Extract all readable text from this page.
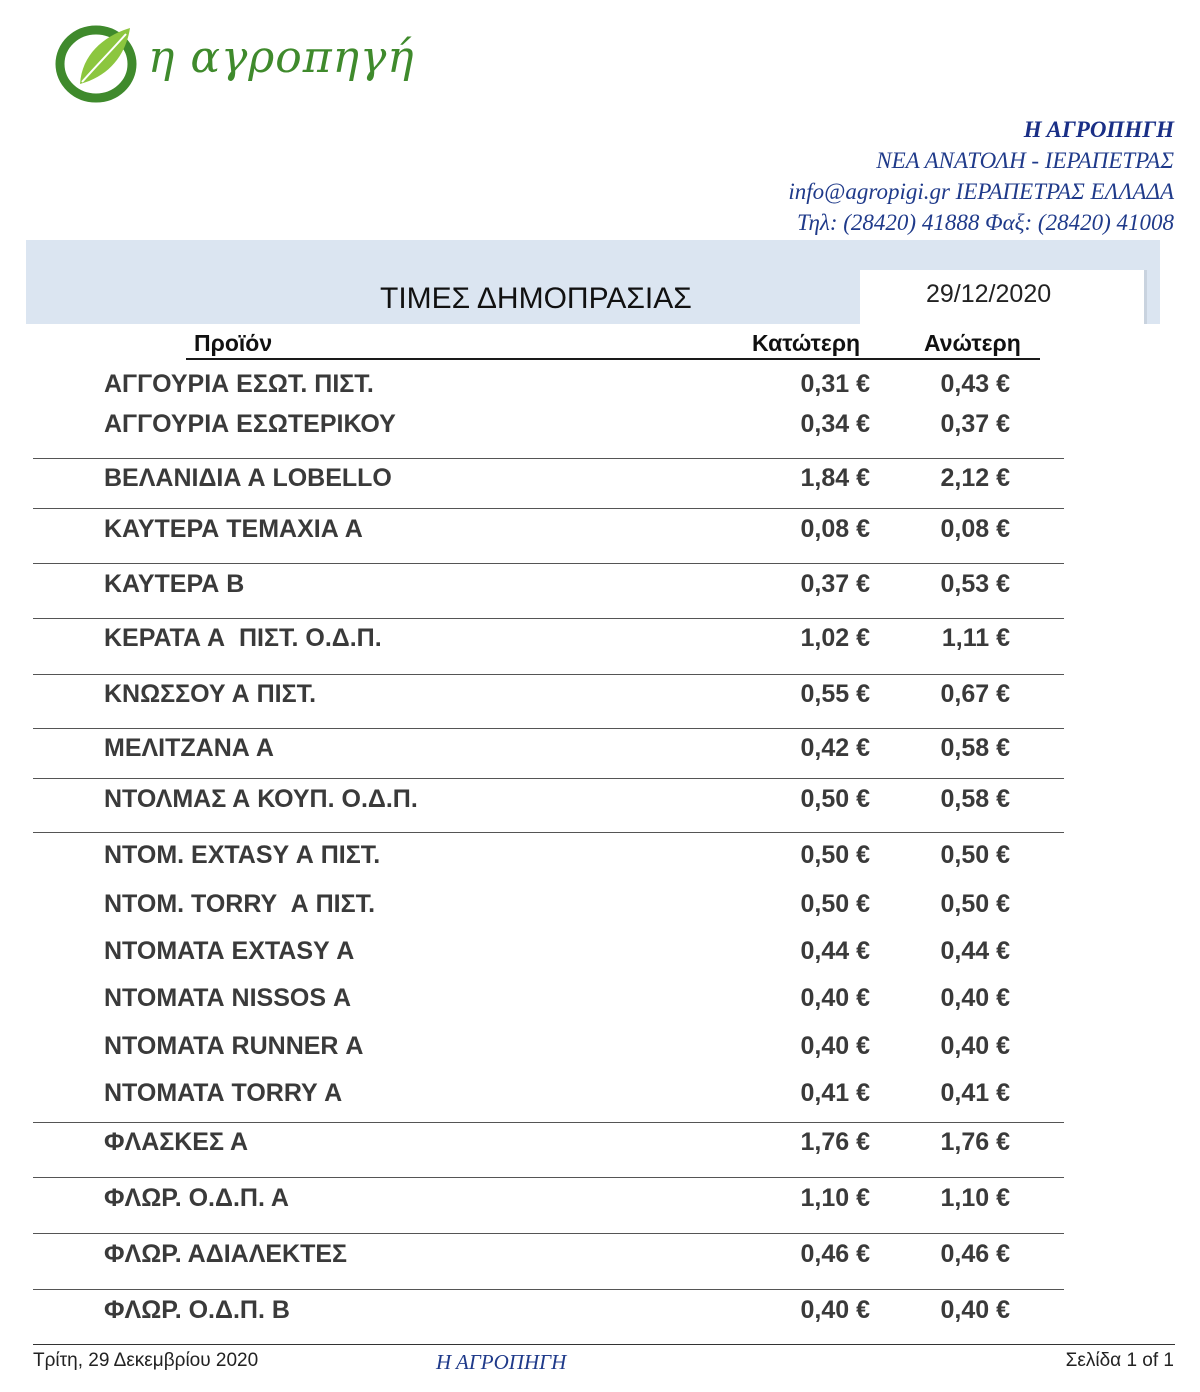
η αγροπηγή
Η ΑΓΡΟΠΗΓΗ
ΝΕΑ ΑΝΑΤΟΛΗ - ΙΕΡΑΠΕΤΡΑΣ
info@agropigi.gr ΙΕΡΑΠΕΤΡΑΣ ΕΛΛΑΔΑ
Τηλ: (28420) 41888 Φαξ: (28420) 41008
ΤΙΜΕΣ ΔΗΜΟΠΡΑΣΙΑΣ	29/12/2020
Προϊόν	Κατώτερη	Ανώτερη
ΑΓΓΟΥΡΙΑ ΕΣΩΤ. ΠΙΣΤ.	0,31 €	0,43 €
ΑΓΓΟΥΡΙΑ ΕΣΩΤΕΡΙΚΟΥ	0,34 €	0,37 €
ΒΕΛΑΝΙΔΙΑ Α LOBELLO	1,84 €	2,12 €
ΚΑΥΤΕΡΑ ΤΕΜΑΧΙΑ Α	0,08 €	0,08 €
ΚΑΥΤΕΡΑ Β	0,37 €	0,53 €
ΚΕΡΑΤΑ Α  ΠΙΣΤ. Ο.Δ.Π.	1,02 €	1,11 €
ΚΝΩΣΣΟΥ Α ΠΙΣΤ.	0,55 €	0,67 €
ΜΕΛΙΤΖΑΝΑ Α	0,42 €	0,58 €
ΝΤΟΛΜΑΣ Α ΚΟΥΠ. Ο.Δ.Π.	0,50 €	0,58 €
ΝΤΟΜ. EXTASY Α ΠΙΣΤ.	0,50 €	0,50 €
ΝΤΟΜ. TORRY  Α ΠΙΣΤ.	0,50 €	0,50 €
ΝΤΟΜΑΤΑ EXTASY Α	0,44 €	0,44 €
ΝΤΟΜΑΤΑ NISSOS Α	0,40 €	0,40 €
ΝΤΟΜΑΤΑ RUNNER Α	0,40 €	0,40 €
ΝΤΟΜΑΤΑ TORRY Α	0,41 €	0,41 €
ΦΛΑΣΚΕΣ Α	1,76 €	1,76 €
ΦΛΩΡ. Ο.Δ.Π. Α	1,10 €	1,10 €
ΦΛΩΡ. ΑΔΙΑΛΕΚΤΕΣ	0,46 €	0,46 €
ΦΛΩΡ. Ο.Δ.Π. Β	0,40 €	0,40 €
Τρίτη, 29 Δεκεμβρίου 2020	Η ΑΓΡΟΠΗΓΗ	Σελίδα 1 of 1
